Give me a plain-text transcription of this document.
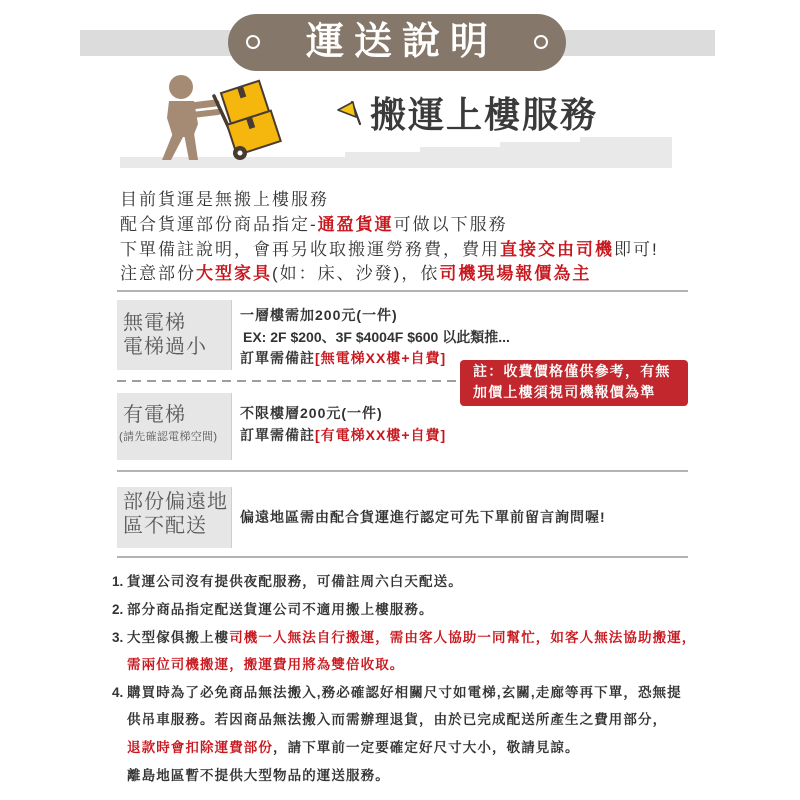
運送說明
搬運上樓服務
目前貨運是無搬上樓服務
配合貨運部份商品指定-通盈貨運可做以下服務
下單備註說明，會再另收取搬運勞務費，費用直接交由司機即可!
注意部份大型家具(如：床、沙發)，依司機現場報價為主
無電梯
電梯過小
一層樓需加200元(一件)
EX: 2F $200、3F $4004F $600 以此類推...
訂單需備註[無電梯XX樓+自費]
註：收費價格僅供參考，有無
加價上樓須視司機報價為準
有電梯
(請先確認電梯空間)
不限樓層200元(一件)
訂單需備註[有電梯XX樓+自費]
部份偏遠地
區不配送	偏遠地區需由配合貨運進行認定可先下單前留言詢問喔!
1. 貨運公司沒有提供夜配服務，可備註周六白天配送。
2. 部分商品指定配送貨運公司不適用搬上樓服務。
3. 大型傢俱搬上樓司機一人無法自行搬運，需由客人協助一同幫忙，如客人無法協助搬運，
需兩位司機搬運，搬運費用將為雙倍收取。
4. 購買時為了必免商品無法搬入,務必確認好相關尺寸如電梯,玄關,走廊等再下單，恐無提
供吊車服務。若因商品無法搬入而需辦理退貨，由於已完成配送所產生之費用部分，
退款時會扣除運費部份，請下單前一定要確定好尺寸大小，敬請見諒。
離島地區暫不提供大型物品的運送服務。
